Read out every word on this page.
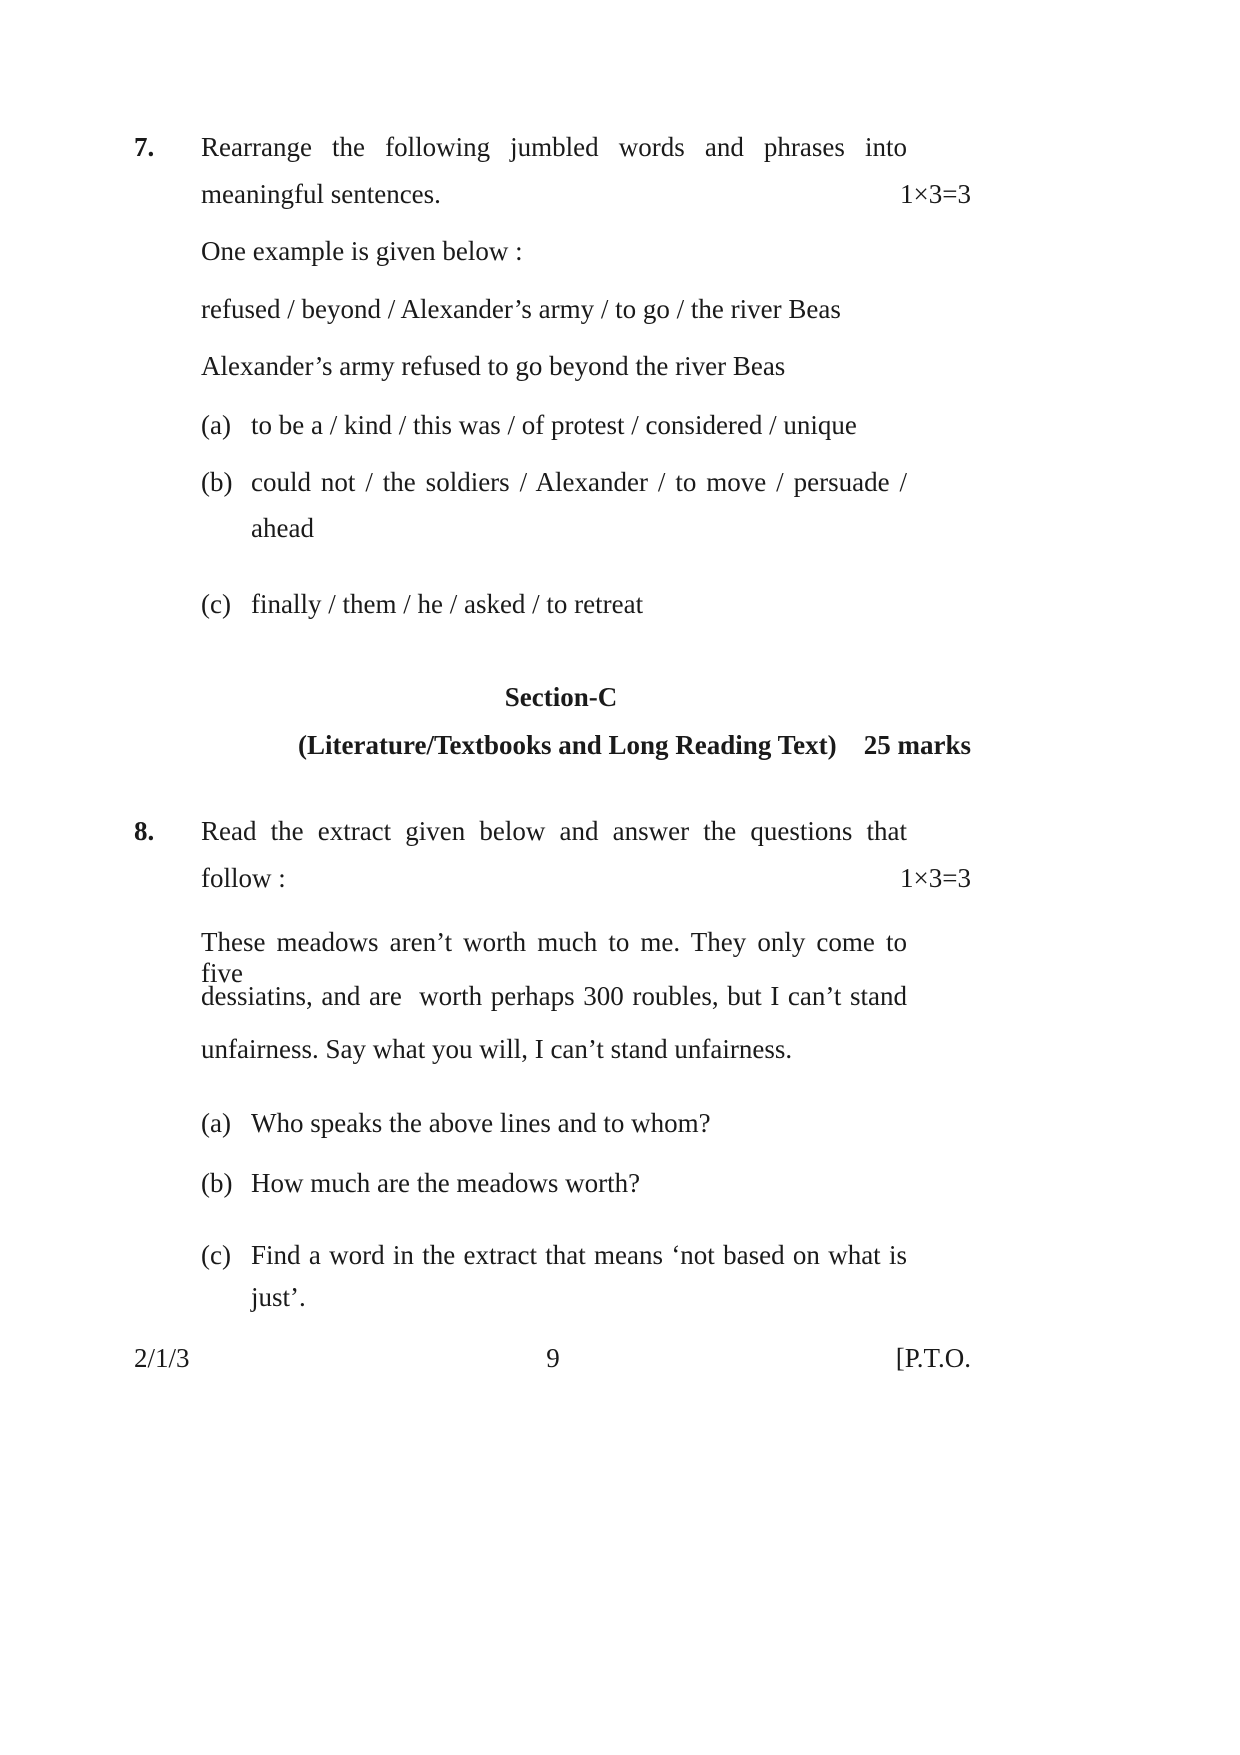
7. Rearrange the following jumbled words and phrases into
meaningful sentences.	1×3=3
One example is given below :
refused / beyond / Alexander’s army / to go / the river Beas
Alexander’s army refused to go beyond the river Beas
(a) to be a / kind / this was / of protest / considered / unique
(b) could not / the soldiers / Alexander / to move / persuade /
ahead
(c) finally / them / he / asked / to retreat
Section-C
(Literature/Textbooks and Long Reading Text) 25 marks
8. Read the extract given below and answer the questions that
follow :	1×3=3
These meadows aren’t worth much to me. They only come to five
dessiatins, and are  worth perhaps 300 roubles, but I can’t stand
unfairness. Say what you will, I can’t stand unfairness.
(a) Who speaks the above lines and to whom?
(b) How much are the meadows worth?
(c) Find a word in the extract that means ‘not based on what is
just’.
2/1/3	9	[P.T.O.
